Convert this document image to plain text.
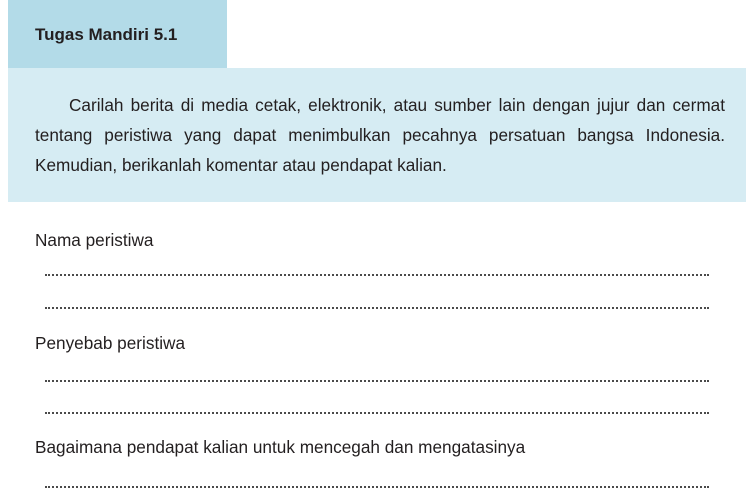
Tugas Mandiri 5.1

Carilah berita di media cetak, elektronik, atau sumber lain dengan jujur dan cermat tentang peristiwa yang dapat menimbulkan pecahnya persatuan bangsa Indonesia. Kemudian, berikanlah komentar atau pendapat kalian.

Nama peristiwa
Penyebab peristiwa
Bagaimana pendapat kalian untuk mencegah dan mengatasinya
